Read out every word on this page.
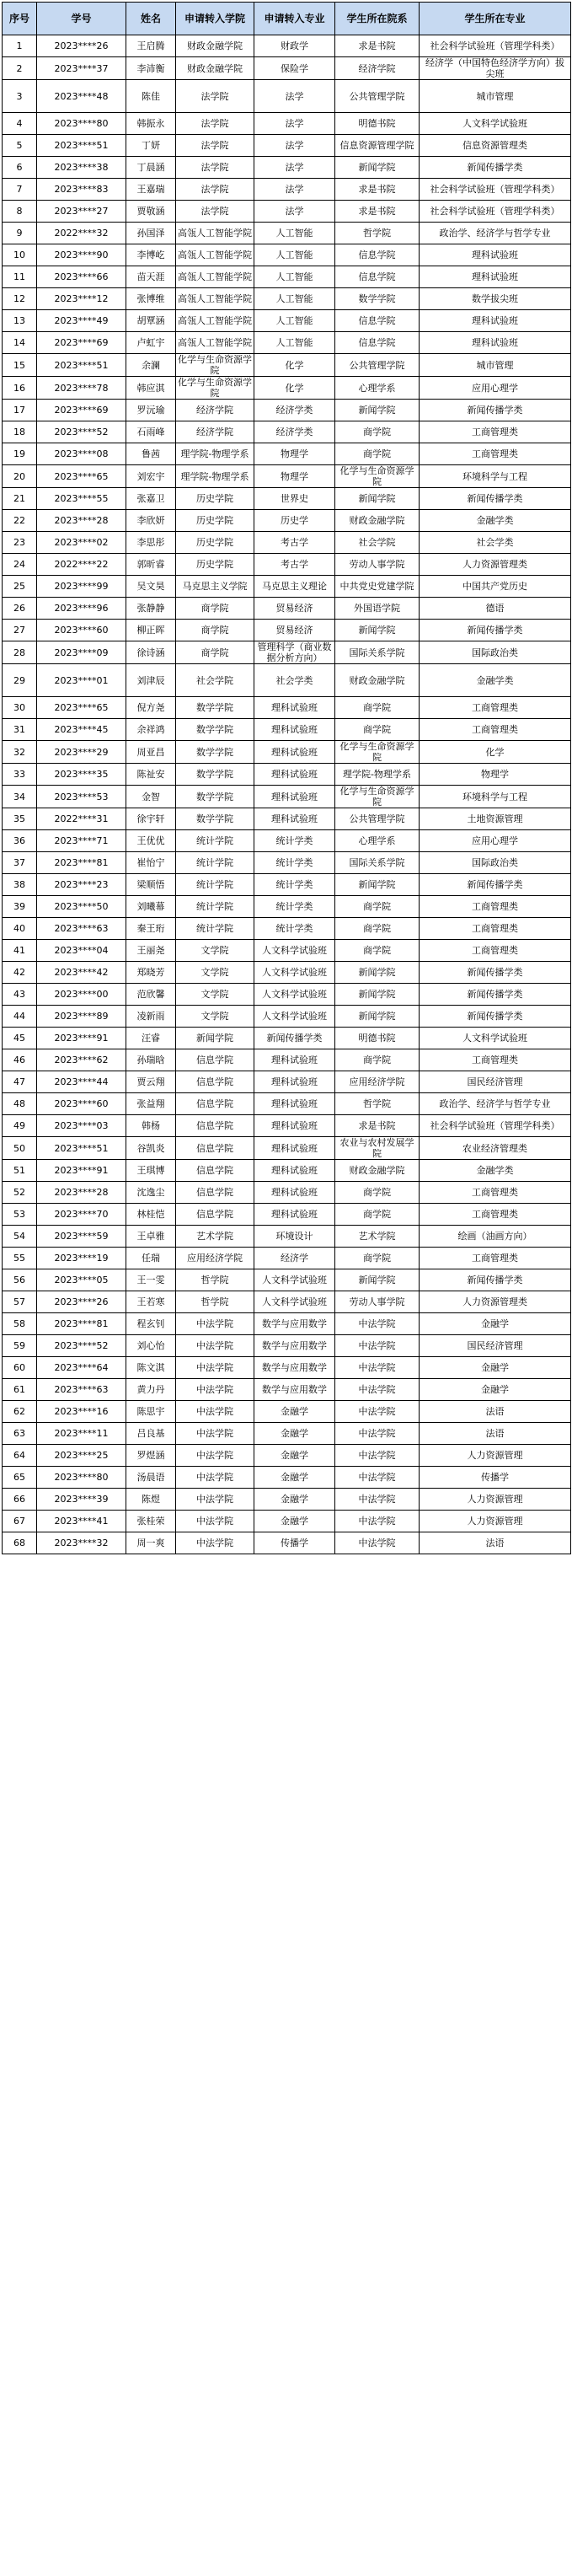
序号	学号	姓名	申请转入学院	申请转入专业	学生所在院系	学生所在专业
1	2023****26	王启腾	财政金融学院	财政学	求是书院	社会科学试验班（管理学科类）
2	2023****37	李沛衡	财政金融学院	保险学	经济学院	经济学（中国特色经济学方向）拔尖班
3	2023****48	陈佳	法学院	法学	公共管理学院	城市管理
4	2023****80	韩振永	法学院	法学	明德书院	人文科学试验班
5	2023****51	丁妍	法学院	法学	信息资源管理学院	信息资源管理类
6	2023****38	丁晨涵	法学院	法学	新闻学院	新闻传播学类
7	2023****83	王嘉瑞	法学院	法学	求是书院	社会科学试验班（管理学科类）
8	2023****27	贾敬涵	法学院	法学	求是书院	社会科学试验班（管理学科类）
9	2022****32	孙国泽	高瓴人工智能学院	人工智能	哲学院	政治学、经济学与哲学专业
10	2023****90	李博屹	高瓴人工智能学院	人工智能	信息学院	理科试验班
11	2023****66	苗天涯	高瓴人工智能学院	人工智能	信息学院	理科试验班
12	2023****12	张博维	高瓴人工智能学院	人工智能	数学学院	数学拔尖班
13	2023****49	胡覃涵	高瓴人工智能学院	人工智能	信息学院	理科试验班
14	2023****69	卢虹宇	高瓴人工智能学院	人工智能	信息学院	理科试验班
15	2023****51	余澜	化学与生命资源学院	化学	公共管理学院	城市管理
16	2023****78	韩应淇	化学与生命资源学院	化学	心理学系	应用心理学
17	2023****69	罗沅瑜	经济学院	经济学类	新闻学院	新闻传播学类
18	2023****52	石雨峰	经济学院	经济学类	商学院	工商管理类
19	2023****08	鲁茜	理学院-物理学系	物理学	商学院	工商管理类
20	2023****65	刘宏宇	理学院-物理学系	物理学	化学与生命资源学院	环境科学与工程
21	2023****55	张嘉卫	历史学院	世界史	新闻学院	新闻传播学类
22	2023****28	李欣妍	历史学院	历史学	财政金融学院	金融学类
23	2023****02	李思彤	历史学院	考古学	社会学院	社会学类
24	2022****22	郭昕睿	历史学院	考古学	劳动人事学院	人力资源管理类
25	2023****99	吴文昊	马克思主义学院	马克思主义理论	中共党史党建学院	中国共产党历史
26	2023****96	张静静	商学院	贸易经济	外国语学院	德语
27	2023****60	柳正晖	商学院	贸易经济	新闻学院	新闻传播学类
28	2023****09	徐诗涵	商学院	管理科学（商业数据分析方向）	国际关系学院	国际政治类
29	2023****01	刘津辰	社会学院	社会学类	财政金融学院	金融学类
30	2023****65	倪方尧	数学学院	理科试验班	商学院	工商管理类
31	2023****45	余祥鸿	数学学院	理科试验班	商学院	工商管理类
32	2023****29	周亚昌	数学学院	理科试验班	化学与生命资源学院	化学
33	2023****35	陈祉安	数学学院	理科试验班	理学院-物理学系	物理学
34	2023****53	金智	数学学院	理科试验班	化学与生命资源学院	环境科学与工程
35	2022****31	徐宇轩	数学学院	理科试验班	公共管理学院	土地资源管理
36	2023****71	王优优	统计学院	统计学类	心理学系	应用心理学
37	2023****81	崔怡宁	统计学院	统计学类	国际关系学院	国际政治类
38	2023****23	梁顺悟	统计学院	统计学类	新闻学院	新闻传播学类
39	2023****50	刘曦幕	统计学院	统计学类	商学院	工商管理类
40	2023****63	秦王珩	统计学院	统计学类	商学院	工商管理类
41	2023****04	王丽尧	文学院	人文科学试验班	商学院	工商管理类
42	2023****42	郑晓芳	文学院	人文科学试验班	新闻学院	新闻传播学类
43	2023****00	范欣馨	文学院	人文科学试验班	新闻学院	新闻传播学类
44	2023****89	凌新雨	文学院	人文科学试验班	新闻学院	新闻传播学类
45	2023****91	汪睿	新闻学院	新闻传播学类	明德书院	人文科学试验班
46	2023****62	孙瑞晗	信息学院	理科试验班	商学院	工商管理类
47	2023****44	贾云翔	信息学院	理科试验班	应用经济学院	国民经济管理
48	2023****60	张益翔	信息学院	理科试验班	哲学院	政治学、经济学与哲学专业
49	2023****03	韩杨	信息学院	理科试验班	求是书院	社会科学试验班（管理学科类）
50	2023****51	谷凯炎	信息学院	理科试验班	农业与农村发展学院	农业经济管理类
51	2023****91	王琪博	信息学院	理科试验班	财政金融学院	金融学类
52	2023****28	沈逸尘	信息学院	理科试验班	商学院	工商管理类
53	2023****70	林桂恺	信息学院	理科试验班	商学院	工商管理类
54	2023****59	王卓雅	艺术学院	环境设计	艺术学院	绘画（油画方向）
55	2023****19	任瑞	应用经济学院	经济学	商学院	工商管理类
56	2023****05	王一雯	哲学院	人文科学试验班	新闻学院	新闻传播学类
57	2023****26	王若寒	哲学院	人文科学试验班	劳动人事学院	人力资源管理类
58	2023****81	程玄钊	中法学院	数学与应用数学	中法学院	金融学
59	2023****52	刘心怡	中法学院	数学与应用数学	中法学院	国民经济管理
60	2023****64	陈文淇	中法学院	数学与应用数学	中法学院	金融学
61	2023****63	黄力丹	中法学院	数学与应用数学	中法学院	金融学
62	2023****16	陈思宇	中法学院	金融学	中法学院	法语
63	2023****11	吕良基	中法学院	金融学	中法学院	法语
64	2023****25	罗煜涵	中法学院	金融学	中法学院	人力资源管理
65	2023****80	汤晨语	中法学院	金融学	中法学院	传播学
66	2023****39	陈煜	中法学院	金融学	中法学院	人力资源管理
67	2023****41	张桂荣	中法学院	金融学	中法学院	人力资源管理
68	2023****32	周一爽	中法学院	传播学	中法学院	法语
